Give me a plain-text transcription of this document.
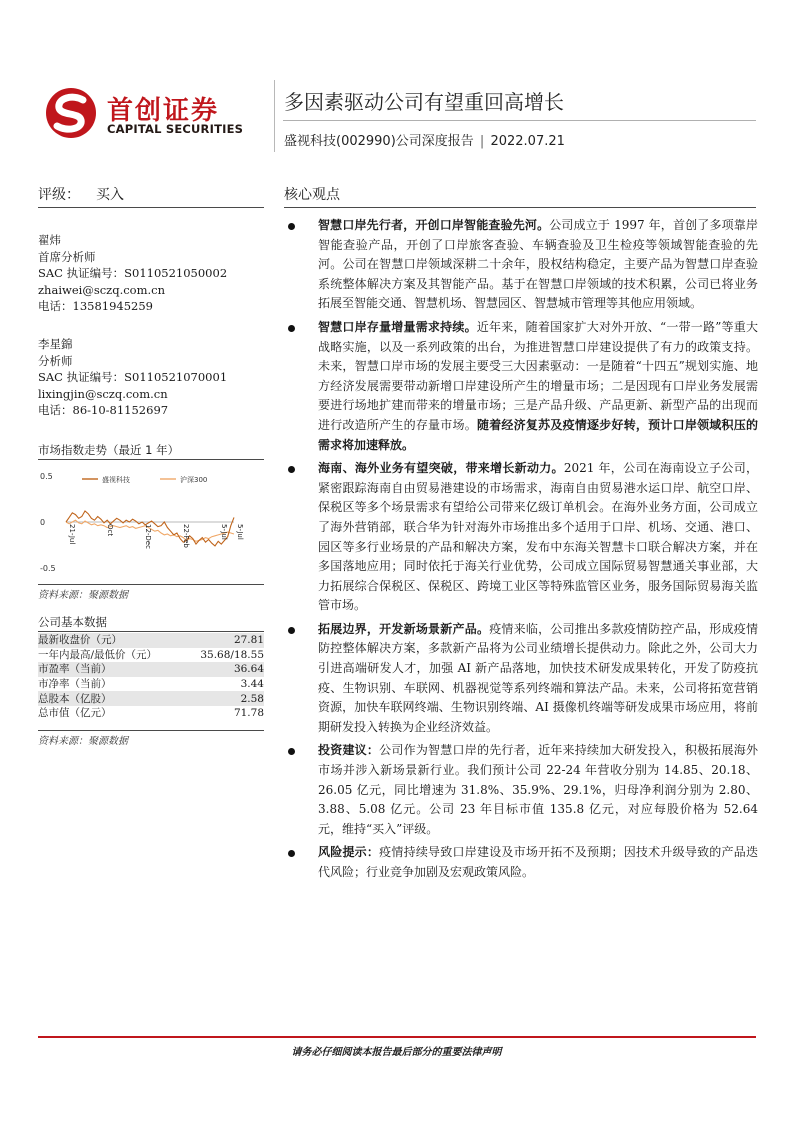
首创证券
CAPITAL SECURITIES
多因素驱动公司有望重回高增长
盛视科技(002990)公司深度报告 | 2022.07.21
评级： 买入
翟炜
首席分析师
SAC 执证编号：S0110521050002
zhaiwei@sczq.com.cn
电话：13581945259
李星錦
分析师
SAC 执证编号：S0110521070001
lixingjin@sczq.com.cn
电话：86-10-81152697
市场指数走势（最近 1 年）
0.5
0
-0.5
盛视科技	沪深300
21-Jul	Oct	12-Dec	22-Feb	5-Jul 5-Jul
资料来源：聚源数据
公司基本数据
最新收盘价（元）	27.81
一年内最高/最低价（元）	35.68/18.55
市盈率（当前）	36.64
市净率（当前）	3.44
总股本（亿股）	2.58
总市值（亿元）	71.78
资料来源：聚源数据
核心观点
智慧口岸先行者，开创口岸智能查验先河。公司成立于 1997 年，首创了多项靠岸智能查验产品，开创了口岸旅客查验、车辆查验及卫生检疫等领域智能查验的先河。公司在智慧口岸领域深耕二十余年，股权结构稳定，主要产品为智慧口岸查验系统整体解决方案及其智能产品。基于在智慧口岸领域的技术积累，公司已将业务拓展至智能交通、智慧机场、智慧园区、智慧城市管理等其他应用领域。
智慧口岸存量增量需求持续。近年来，随着国家扩大对外开放、“一带一路”等重大战略实施，以及一系列政策的出台，为推进智慧口岸建设提供了有力的政策支持。未来，智慧口岸市场的发展主要受三大因素驱动：一是随着“十四五”规划实施、地方经济发展需要带动新增口岸建设所产生的增量市场；二是因现有口岸业务发展需要进行场地扩建而带来的增量市场；三是产品升级、产品更新、新型产品的出现而进行改造所产生的存量市场。随着经济复苏及疫情逐步好转，预计口岸领域积压的需求将加速释放。
海南、海外业务有望突破，带来增长新动力。2021 年，公司在海南设立子公司，紧密跟踪海南自由贸易港建设的市场需求，海南自由贸易港水运口岸、航空口岸、保税区等多个场景需求有望给公司带来亿级订单机会。在海外业务方面，公司成立了海外营销部，联合华为针对海外市场推出多个适用于口岸、机场、交通、港口、园区等多行业场景的产品和解决方案，发布中东海关智慧卡口联合解决方案，并在多国落地应用；同时依托于海关行业优势，公司成立国际贸易智慧通关事业部，大力拓展综合保税区、保税区、跨境工业区等特殊监管区业务，服务国际贸易海关监管市场。
拓展边界，开发新场景新产品。疫情来临，公司推出多款疫情防控产品，形成疫情防控整体解决方案，多款新产品将为公司业绩增长提供动力。除此之外，公司大力引进高端研发人才，加强 AI 新产品落地，加快技术研发成果转化，开发了防疫抗疫、生物识别、车联网、机器视觉等系列终端和算法产品。未来，公司将拓宽营销资源，加快车联网终端、生物识别终端、AI 摄像机终端等研发成果市场应用，将前期研发投入转换为企业经济效益。
投资建议：公司作为智慧口岸的先行者，近年来持续加大研发投入，积极拓展海外市场并涉入新场景新行业。我们预计公司 22-24 年营收分别为 14.85、20.18、26.05 亿元，同比增速为 31.8%、35.9%、29.1%，归母净利润分别为 2.80、3.88、5.08 亿元。公司 23 年目标市值 135.8 亿元，对应每股价格为 52.64 元，维持“买入”评级。
风险提示：疫情持续导致口岸建设及市场开拓不及预期；因技术升级导致的产品迭代风险；行业竞争加剧及宏观政策风险。
请务必仔细阅读本报告最后部分的重要法律声明
